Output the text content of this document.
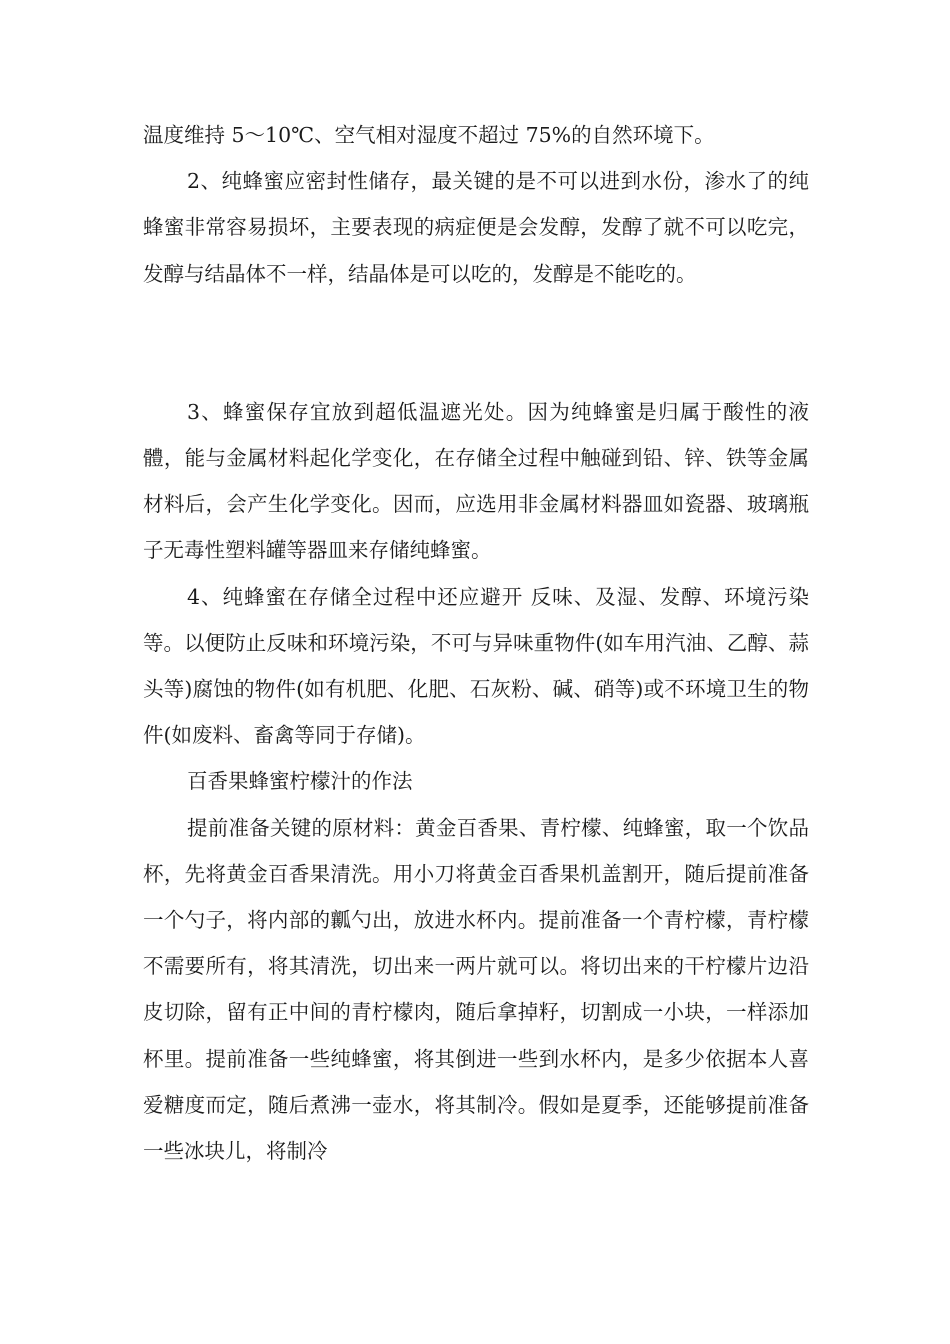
温度维持 5～10℃、空气相对湿度不超过 75%的自然环境下。

2、纯蜂蜜应密封性储存，最关键的是不可以进到水份，渗水了的纯蜂蜜非常容易损坏，主要表现的病症便是会发醇，发醇了就不可以吃完，发醇与结晶体不一样，结晶体是可以吃的，发醇是不能吃的。

3、蜂蜜保存宜放到超低温遮光处。因为纯蜂蜜是归属于酸性的液體，能与金属材料起化学变化，在存储全过程中触碰到铅、锌、铁等金属材料后，会产生化学变化。因而，应选用非金属材料器皿如瓷器、玻璃瓶子无毒性塑料罐等器皿来存储纯蜂蜜。

4、纯蜂蜜在存储全过程中还应避开 反味、及湿、发醇、环境污染等。以便防止反味和环境污染，不可与异味重物件(如车用汽油、乙醇、蒜头等)腐蚀的物件(如有机肥、化肥、石灰粉、碱、硝等)或不环境卫生的物件(如废料、畜禽等同于存储)。

百香果蜂蜜柠檬汁的作法

提前准备关键的原材料：黄金百香果、青柠檬、纯蜂蜜，取一个饮品杯，先将黄金百香果清洗。用小刀将黄金百香果机盖割开，随后提前准备一个勺子，将内部的瓤勺出，放进水杯内。提前准备一个青柠檬，青柠檬不需要所有，将其清洗，切出来一两片就可以。将切出来的干柠檬片边沿皮切除，留有正中间的青柠檬肉，随后拿掉籽，切割成一小块，一样添加杯里。提前准备一些纯蜂蜜，将其倒进一些到水杯内，是多少依据本人喜爱糖度而定，随后煮沸一壶水，将其制冷。假如是夏季，还能够提前准备一些冰块儿，将制冷
